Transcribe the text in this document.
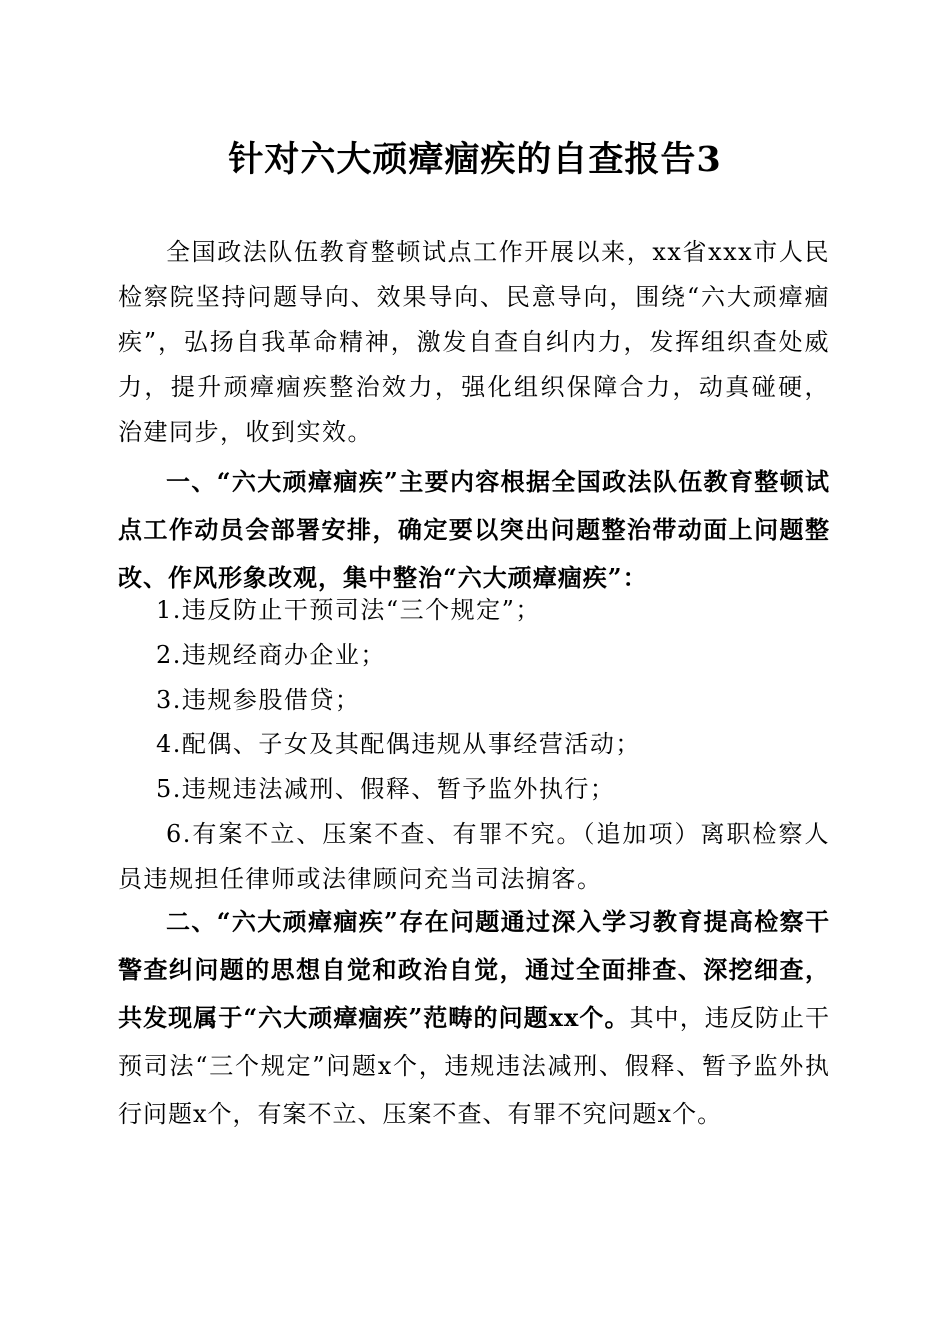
针对六大顽瘴痼疾的自查报告3

全国政法队伍教育整顿试点工作开展以来，xx省xxx市人民检察院坚持问题导向、效果导向、民意导向，围绕“六大顽瘴痼疾”，弘扬自我革命精神，激发自查自纠内力，发挥组织查处威力，提升顽瘴痼疾整治效力，强化组织保障合力，动真碰硬，治建同步，收到实效。

一、“六大顽瘴痼疾”主要内容根据全国政法队伍教育整顿试点工作动员会部署安排，确定要以突出问题整治带动面上问题整改、作风形象改观，集中整治“六大顽瘴痼疾”：

1.违反防止干预司法“三个规定”；
2.违规经商办企业；
3.违规参股借贷；
4.配偶、子女及其配偶违规从事经营活动；
5.违规违法减刑、假释、暂予监外执行；

6.有案不立、压案不查、有罪不究。（追加项）离职检察人员违规担任律师或法律顾问充当司法掮客。

二、“六大顽瘴痼疾”存在问题通过深入学习教育提高检察干警查纠问题的思想自觉和政治自觉，通过全面排查、深挖细查，共发现属于“六大顽瘴痼疾”范畴的问题xx个。其中，违反防止干预司法“三个规定”问题x个，违规违法减刑、假释、暂予监外执行问题x个，有案不立、压案不查、有罪不究问题x个。
